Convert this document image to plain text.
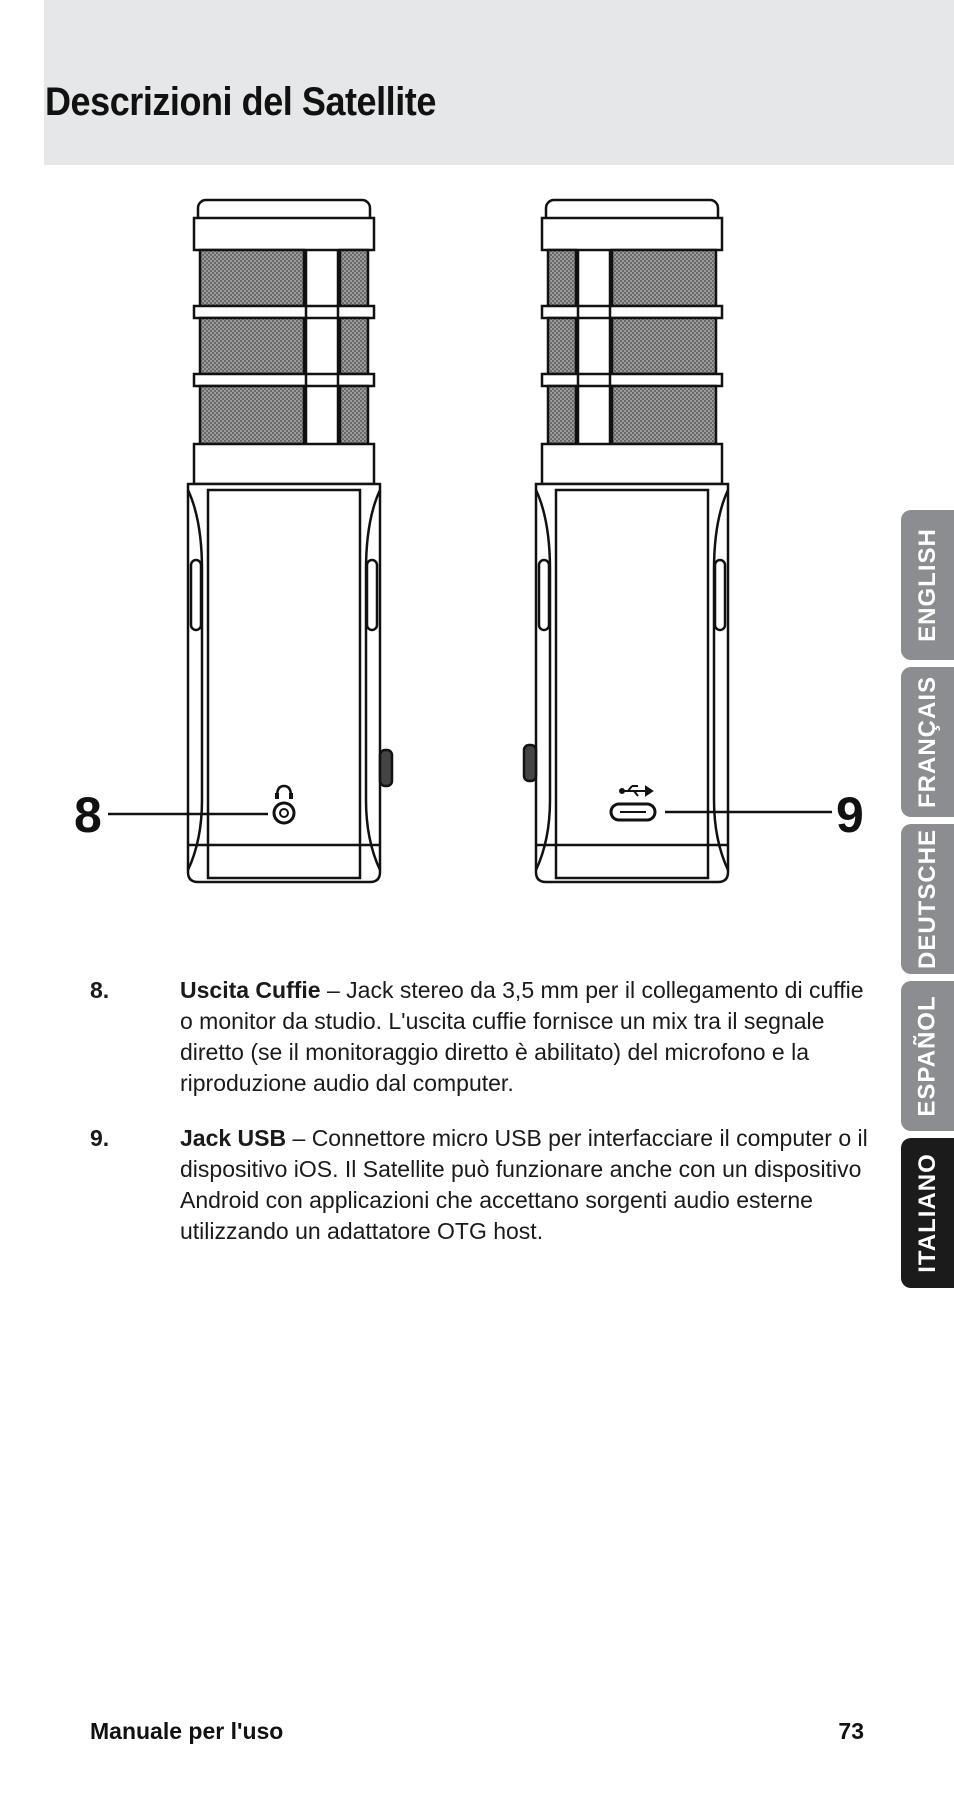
Descrizioni del Satellite
8	9
8.	Uscita Cuffie – Jack stereo da 3,5 mm per il collegamento di cuffie o monitor da studio. L'uscita cuffie fornisce un mix tra il segnale diretto (se il monitoraggio diretto è abilitato) del microfono e la riproduzione audio dal computer.
9.	Jack USB – Connettore micro USB per interfacciare il computer o il dispositivo iOS. Il Satellite può funzionare anche con un dispositivo Android con applicazioni che accettano sorgenti audio esterne utilizzando un adattatore OTG host.
ENGLISH
FRANÇAIS
DEUTSCHE
ESPAÑOL
ITALIANO
Manuale per l'uso	73
